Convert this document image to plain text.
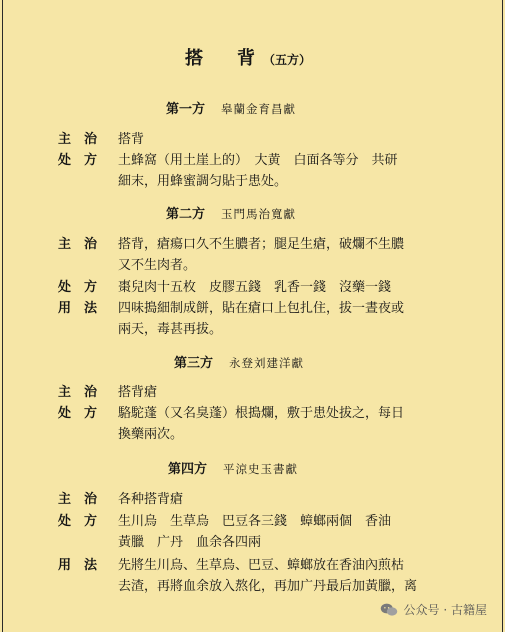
搭　背（五方）
第一方 皋蘭金育昌獻
主治 搭背
处方 土蜂窩（用土崖上的）　大黄　白面各等分　共研
細末，用蜂蜜調匀貼于患处。
第二方 玉門馬治寬獻
主治 搭背，瘡瘍口久不生膿者；腿足生瘡，破爛不生膿
又不生肉者。
处方 棗兒肉十五枚　皮膠五錢　乳香一錢　沒藥一錢
用法 四味搗細制成餅，貼在瘡口上包扎住，拔一晝夜或
兩天，毒甚再拔。
第三方 永登刘建洋獻
主治 搭背瘡
处方 駱駝蓬（又名臭蓬）根搗爛，敷于患处拔之，每日
換藥兩次。
第四方 平涼史玉書獻
主治 各种搭背瘡
处方 生川烏　生草烏　巴豆各三錢　蟑螂兩個　香油
黃臘　广丹　血余各四兩
用法 先將生川烏、生草烏、巴豆、蟑螂放在香油內煎枯
去渣，再將血余放入熬化，再加广丹最后加黃臘，离
公众号 · 古籍屋
